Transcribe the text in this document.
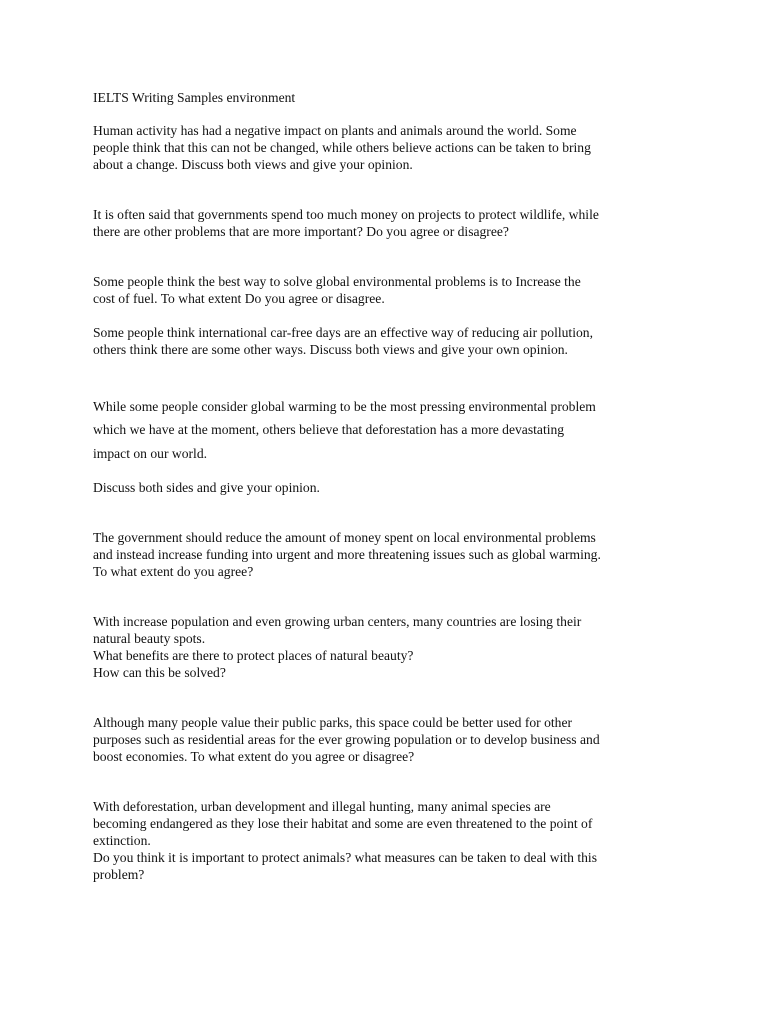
IELTS Writing Samples environment

Human activity has had a negative impact on plants and animals around the world. Some

people think that this can not be changed, while others believe actions can be taken to bring

about a change. Discuss both views and give your opinion.

It is often said that governments spend too much money on projects to protect wildlife, while

there are other problems that are more important? Do you agree or disagree?

Some people think the best way to solve global environmental problems is to Increase the

cost of fuel. To what extent Do you agree or disagree.

Some people think international car-free days are an effective way of reducing air pollution,

others think there are some other ways. Discuss both views and give your own opinion.

While some people consider global warming to be the most pressing environmental problem

which we have at the moment, others believe that deforestation has a more devastating

impact on our world.

Discuss both sides and give your opinion.

The government should reduce the amount of money spent on local environmental problems

and instead increase funding into urgent and more threatening issues such as global warming.

To what extent do you agree?

With increase population and even growing urban centers, many countries are losing their

natural beauty spots.

What benefits are there to protect places of natural beauty?

How can this be solved?

Although many people value their public parks, this space could be better used for other

purposes such as residential areas for the ever growing population or to develop business and

boost economies. To what extent do you agree or disagree?

With deforestation, urban development and illegal hunting, many animal species are

becoming endangered as they lose their habitat and some are even threatened to the point of

extinction.

Do you think it is important to protect animals? what measures can be taken to deal with this

problem?
